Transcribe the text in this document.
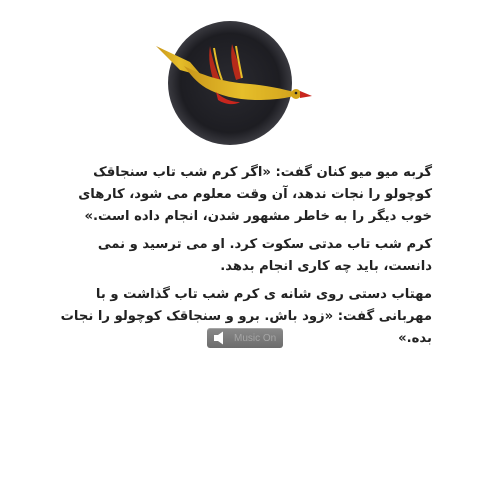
گربه میو میو کنان گفت: «اگر کرم شب تاب سنجاقک کوچولو را نجات ندهد، آن وقت معلوم می شود، کارهای خوب دیگر را به خاطر مشهور شدن، انجام داده است.»

کرم شب تاب مدتی سکوت کرد. او می ترسید و نمی دانست، باید چه کاری انجام بدهد.

مهتاب دستی روی شانه ی کرم شب تاب گذاشت و با مهربانی گفت: «زود باش. برو و سنجاقک کوچولو را نجات بده.»

Music On
